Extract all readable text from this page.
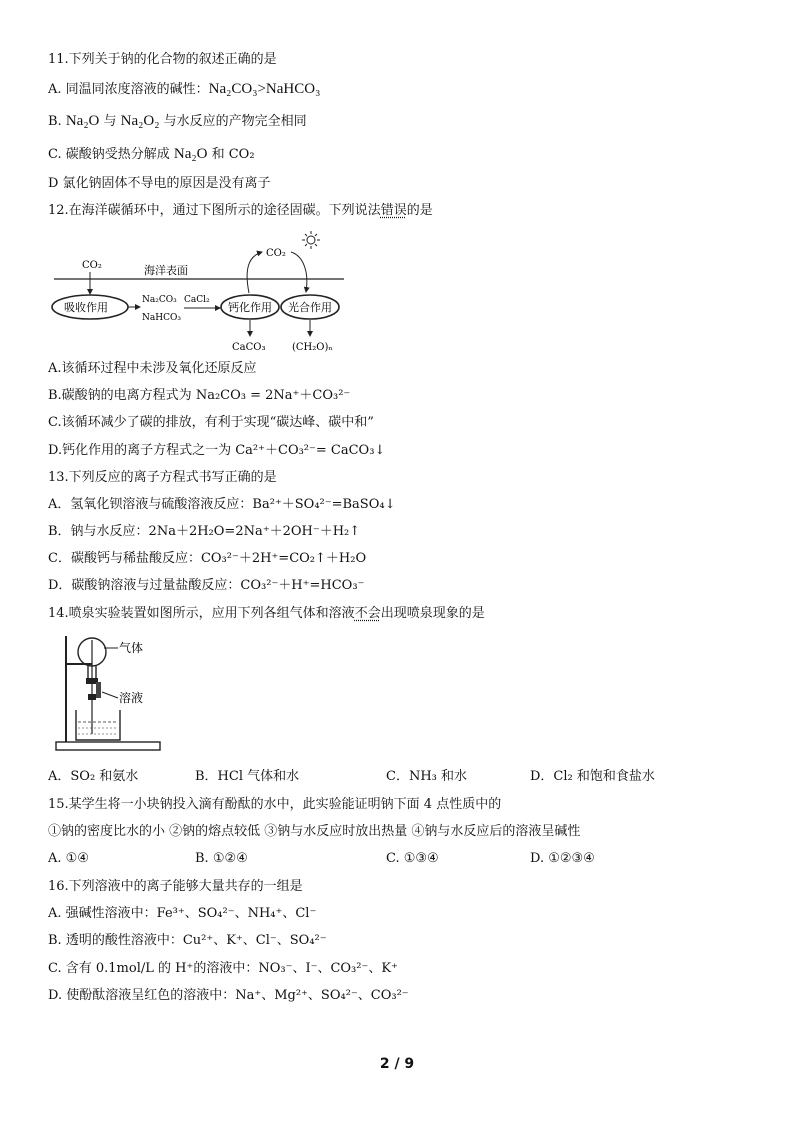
11.下列关于钠的化合物的叙述正确的是
A. 同温同浓度溶液的碱性：Na₂CO₃>NaHCO₃
B. Na₂O 与 Na₂O₂ 与水反应的产物完全相同
C. 碳酸钠受热分解成 Na₂O 和 CO₂
D 氯化钠固体不导电的原因是没有离子
12.在海洋碳循环中，通过下图所示的途径固碳。下列说法错误的是
CO₂	海洋表面
CO₂
吸收作用
Na₂CO₃ CaCl₂
NaHCO₃
钙化作用 光合作用
CaCO₃	(CH₂O)ₙ
A.该循环过程中未涉及氧化还原反应
B.碳酸钠的电离方程式为 Na₂CO₃ = 2Na⁺＋CO₃²⁻
C.该循环减少了碳的排放，有利于实现“碳达峰、碳中和”
D.钙化作用的离子方程式之一为 Ca²⁺＋CO₃²⁻= CaCO₃↓
13.下列反应的离子方程式书写正确的是
A．氢氧化钡溶液与硫酸溶液反应：Ba²⁺＋SO₄²⁻=BaSO₄↓
B．钠与水反应：2Na＋2H₂O=2Na⁺＋2OH⁻＋H₂↑
C．碳酸钙与稀盐酸反应：CO₃²⁻＋2H⁺=CO₂↑＋H₂O
D．碳酸钠溶液与过量盐酸反应：CO₃²⁻＋H⁺=HCO₃⁻
14.喷泉实验装置如图所示，应用下列各组气体和溶液不会出现喷泉现象的是
气体
溶液
A．SO₂ 和氨水	B．HCl 气体和水	C．NH₃ 和水	D．Cl₂ 和饱和食盐水
15.某学生将一小块钠投入滴有酚酞的水中，此实验能证明钠下面 4 点性质中的
①钠的密度比水的小 ②钠的熔点较低 ③钠与水反应时放出热量 ④钠与水反应后的溶液呈碱性
A. ①④	B. ①②④	C. ①③④	D. ①②③④
16.下列溶液中的离子能够大量共存的一组是
A. 强碱性溶液中：Fe³⁺、SO₄²⁻、NH₄⁺、Cl⁻
B. 透明的酸性溶液中：Cu²⁺、K⁺、Cl⁻、SO₄²⁻
C. 含有 0.1mol/L 的 H⁺的溶液中：NO₃⁻、I⁻、CO₃²⁻、K⁺
D. 使酚酞溶液呈红色的溶液中：Na⁺、Mg²⁺、SO₄²⁻、CO₃²⁻
2 / 9
